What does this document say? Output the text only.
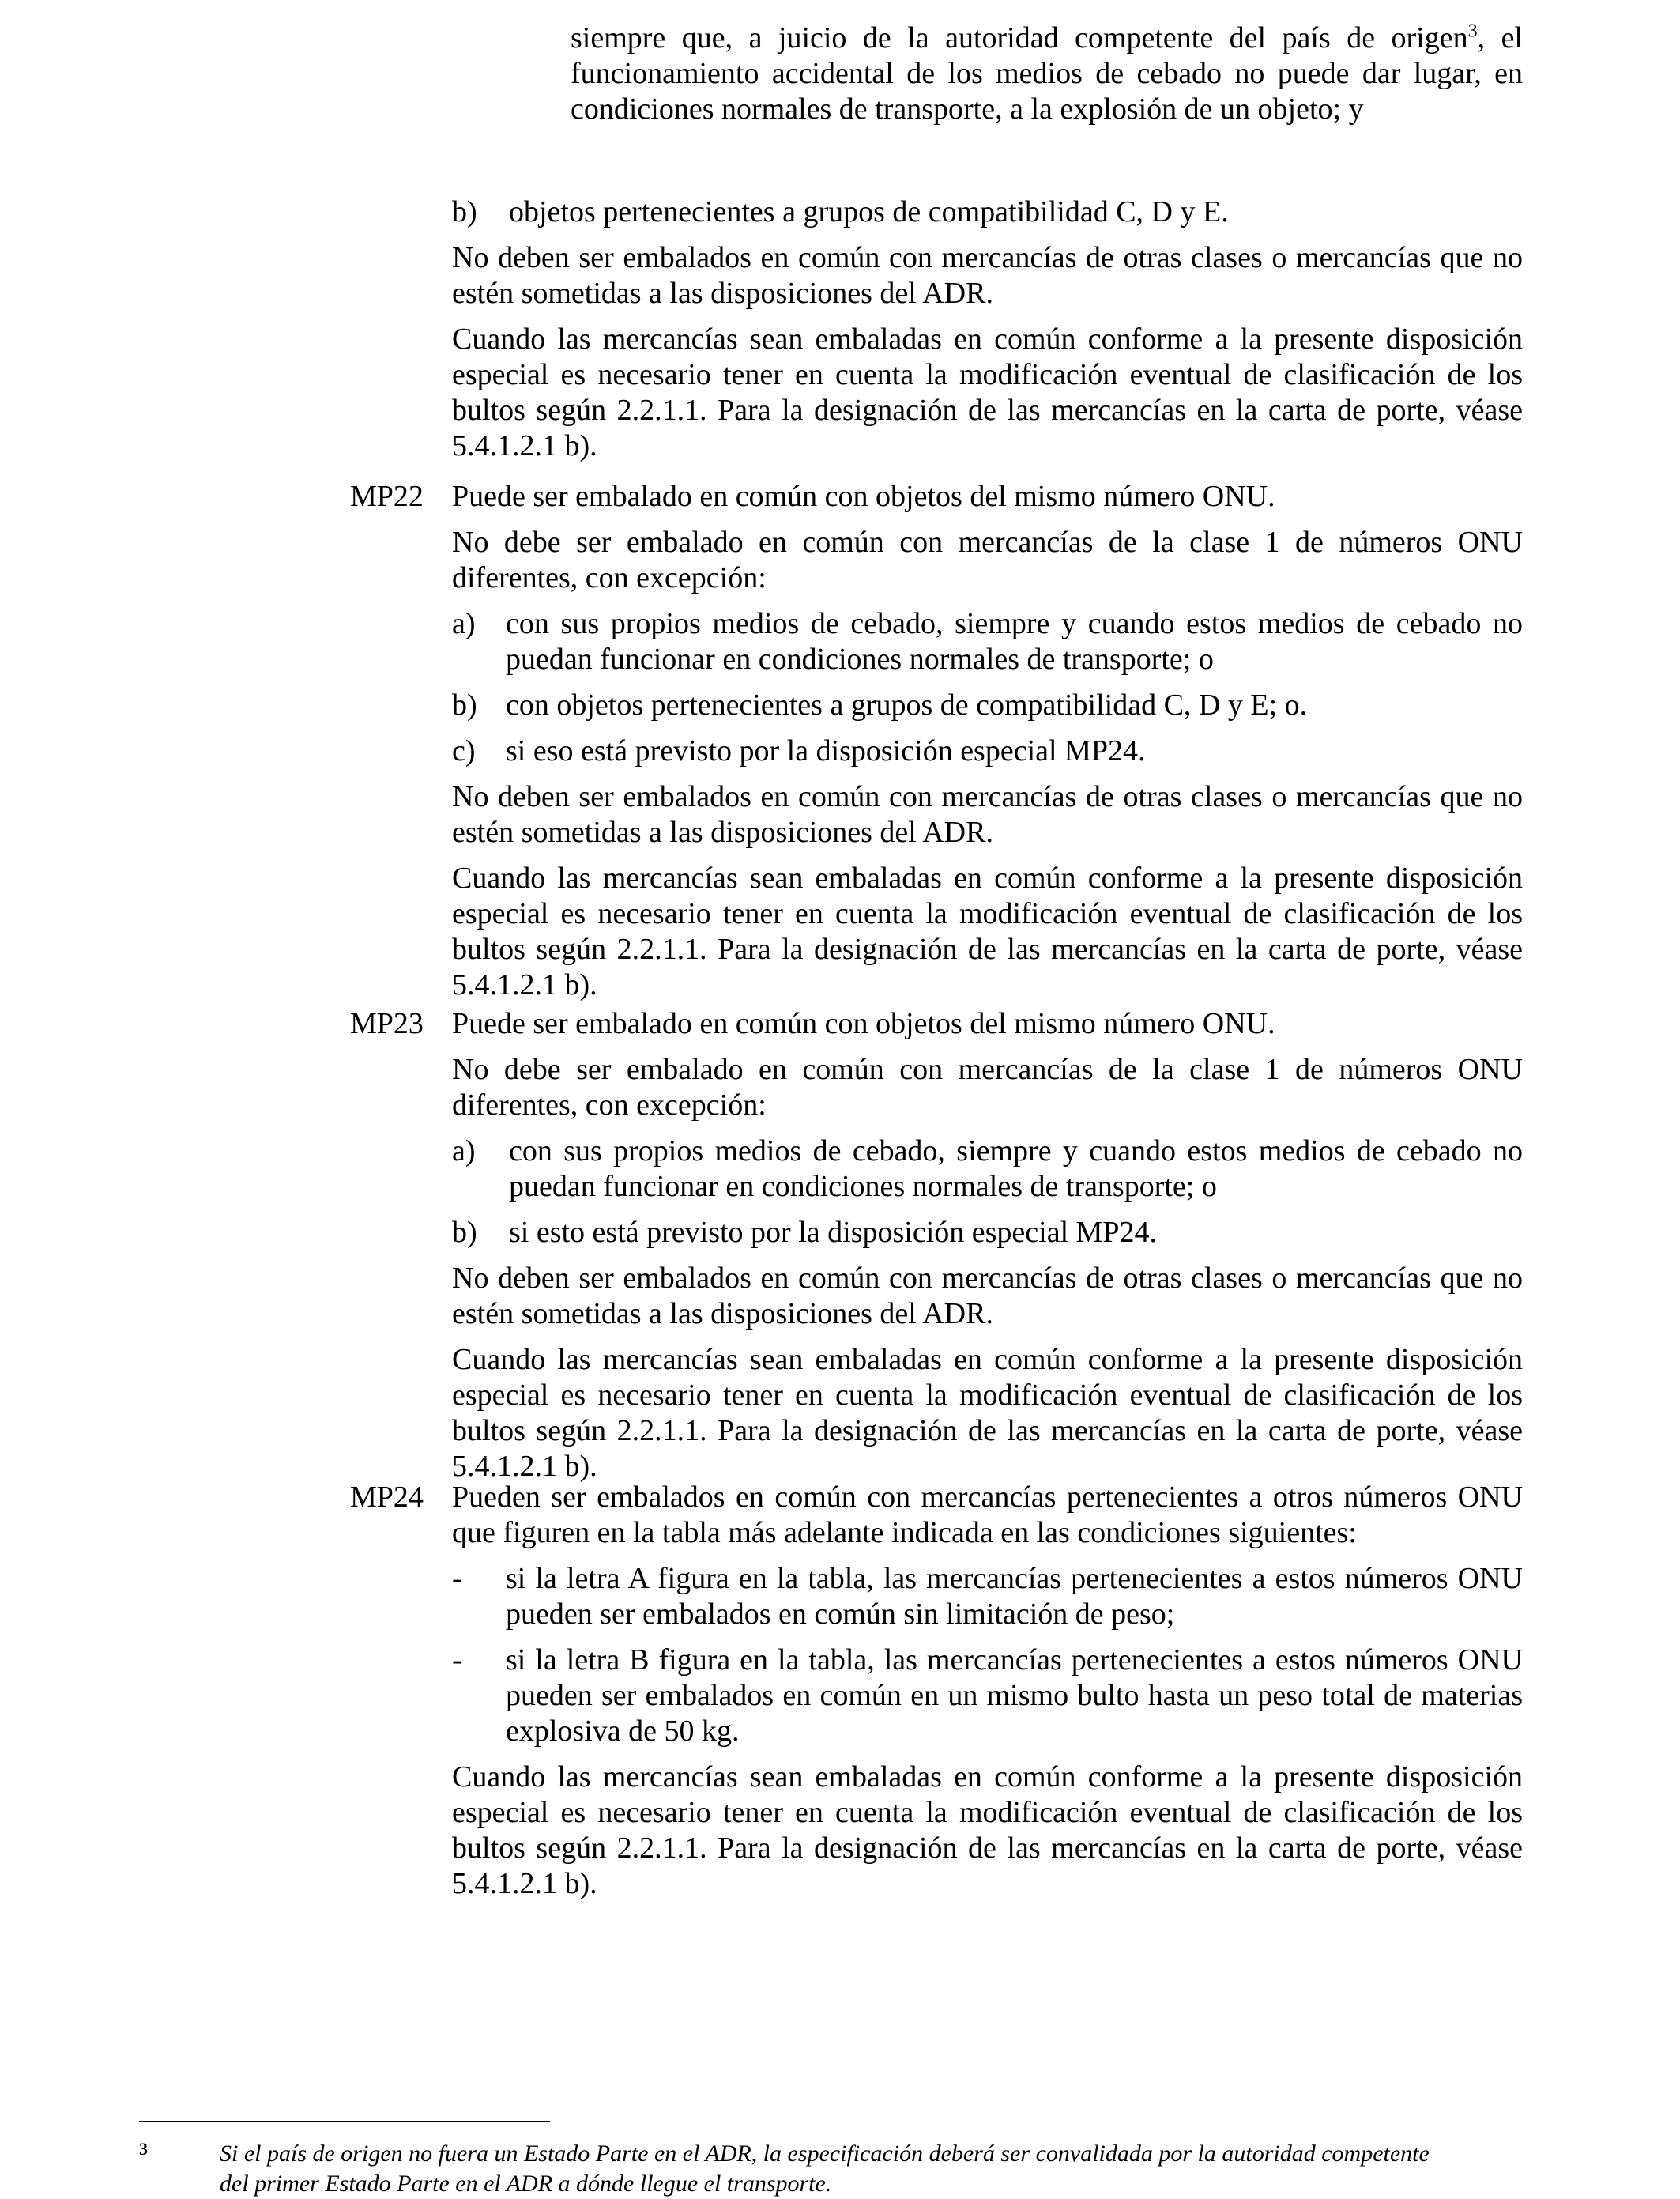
siempre que, a juicio de la autoridad competente del país de origen$^3$, el funcionamiento accidental de los medios de cebado no puede dar lugar, en condiciones normales de transporte, a la explosión de un objeto; y

b) objetos pertenecientes a grupos de compatibilidad C, D y E.

No deben ser embalados en común con mercancías de otras clases o mercancías que no estén sometidas a las disposiciones del ADR.

Cuando las mercancías sean embaladas en común conforme a la presente disposición especial es necesario tener en cuenta la modificación eventual de clasificación de los bultos según 2.2.1.1. Para la designación de las mercancías en la carta de porte, véase 5.4.1.2.1 b).

MP22 Puede ser embalado en común con objetos del mismo número ONU.

No debe ser embalado en común con mercancías de la clase 1 de números ONU diferentes, con excepción:

a) con sus propios medios de cebado, siempre y cuando estos medios de cebado no puedan funcionar en condiciones normales de transporte; o
b) con objetos pertenecientes a grupos de compatibilidad C, D y E; o.
c) si eso está previsto por la disposición especial MP24.

No deben ser embalados en común con mercancías de otras clases o mercancías que no estén sometidas a las disposiciones del ADR.

Cuando las mercancías sean embaladas en común conforme a la presente disposición especial es necesario tener en cuenta la modificación eventual de clasificación de los bultos según 2.2.1.1. Para la designación de las mercancías en la carta de porte, véase 5.4.1.2.1 b).

MP23 Puede ser embalado en común con objetos del mismo número ONU.

No debe ser embalado en común con mercancías de la clase 1 de números ONU diferentes, con excepción:

a) con sus propios medios de cebado, siempre y cuando estos medios de cebado no puedan funcionar en condiciones normales de transporte; o
b) si esto está previsto por la disposición especial MP24.

No deben ser embalados en común con mercancías de otras clases o mercancías que no estén sometidas a las disposiciones del ADR.

Cuando las mercancías sean embaladas en común conforme a la presente disposición especial es necesario tener en cuenta la modificación eventual de clasificación de los bultos según 2.2.1.1. Para la designación de las mercancías en la carta de porte, véase 5.4.1.2.1 b).

MP24 Pueden ser embalados en común con mercancías pertenecientes a otros números ONU que figuren en la tabla más adelante indicada en las condiciones siguientes:

- si la letra A figura en la tabla, las mercancías pertenecientes a estos números ONU pueden ser embalados en común sin limitación de peso;
- si la letra B figura en la tabla, las mercancías pertenecientes a estos números ONU pueden ser embalados en común en un mismo bulto hasta un peso total de materias explosiva de 50 kg.

Cuando las mercancías sean embaladas en común conforme a la presente disposición especial es necesario tener en cuenta la modificación eventual de clasificación de los bultos según 2.2.1.1. Para la designación de las mercancías en la carta de porte, véase 5.4.1.2.1 b).

3	Si el país de origen no fuera un Estado Parte en el ADR, la especificación deberá ser convalidada por la autoridad competente
del primer Estado Parte en el ADR a dónde llegue el transporte.
